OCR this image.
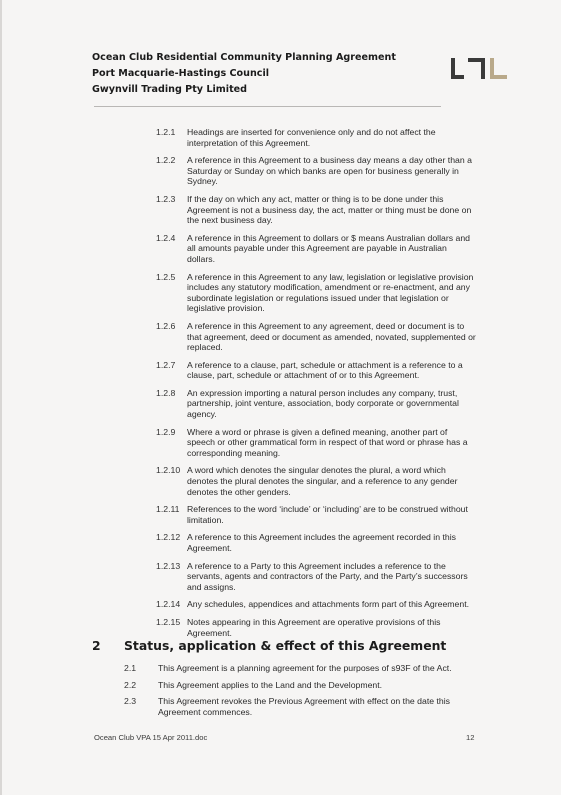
Ocean Club Residential Community Planning Agreement
Port Macquarie-Hastings Council
Gwynvill Trading Pty Limited
1.2.1	Headings are inserted for convenience only and do not affect the interpretation of this Agreement.
1.2.2	A reference in this Agreement to a business day means a day other than a Saturday or Sunday on which banks are open for business generally in Sydney.
1.2.3	If the day on which any act, matter or thing is to be done under this Agreement is not a business day, the act, matter or thing must be done on the next business day.
1.2.4	A reference in this Agreement to dollars or $ means Australian dollars and all amounts payable under this Agreement are payable in Australian dollars.
1.2.5	A reference in this Agreement to any law, legislation or legislative provision includes any statutory modification, amendment or re-enactment, and any subordinate legislation or regulations issued under that legislation or legislative provision.
1.2.6	A reference in this Agreement to any agreement, deed or document is to that agreement, deed or document as amended, novated, supplemented or replaced.
1.2.7	A reference to a clause, part, schedule or attachment is a reference to a clause, part, schedule or attachment of or to this Agreement.
1.2.8	An expression importing a natural person includes any company, trust, partnership, joint venture, association, body corporate or governmental agency.
1.2.9	Where a word or phrase is given a defined meaning, another part of speech or other grammatical form in respect of that word or phrase has a corresponding meaning.
1.2.10 A word which denotes the singular denotes the plural, a word which denotes the plural denotes the singular, and a reference to any gender denotes the other genders.
1.2.11 References to the word ‘include’ or ‘including’ are to be construed without limitation.
1.2.12 A reference to this Agreement includes the agreement recorded in this Agreement.
1.2.13 A reference to a Party to this Agreement includes a reference to the servants, agents and contractors of the Party, and the Party’s successors and assigns.
1.2.14 Any schedules, appendices and attachments form part of this Agreement.
1.2.15 Notes appearing in this Agreement are operative provisions of this Agreement.
2	Status, application & effect of this Agreement
2.1	This Agreement is a planning agreement for the purposes of s93F of the Act.
2.2	This Agreement applies to the Land and the Development.
2.3	This Agreement revokes the Previous Agreement with effect on the date this Agreement commences.
Ocean Club VPA 15 Apr 2011.doc	12
